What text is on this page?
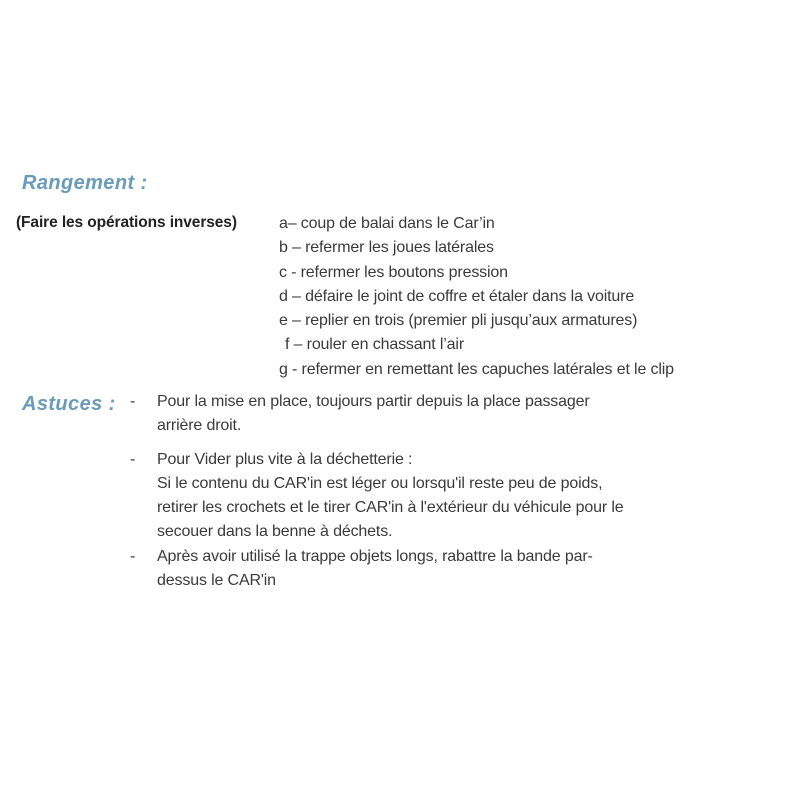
Rangement :
(Faire les opérations inverses)	a– coup de balai dans le Car’in
b – refermer les joues latérales
c - refermer les boutons pression
d – défaire le joint de coffre et étaler dans la voiture
e – replier en trois (premier pli jusqu’aux armatures)
f – rouler en chassant l’air
g - refermer en remettant les capuches latérales et le clip
Astuces : - Pour la mise en place, toujours partir depuis la place passager
arrière droit.
- Pour Vider plus vite à la déchetterie :
Si le contenu du CAR'in est léger ou lorsqu'il reste peu de poids,
retirer les crochets et le tirer CAR'in à l'extérieur du véhicule pour le
secouer dans la benne à déchets.
- Après avoir utilisé la trappe objets longs, rabattre la bande par-
dessus le CAR'in
